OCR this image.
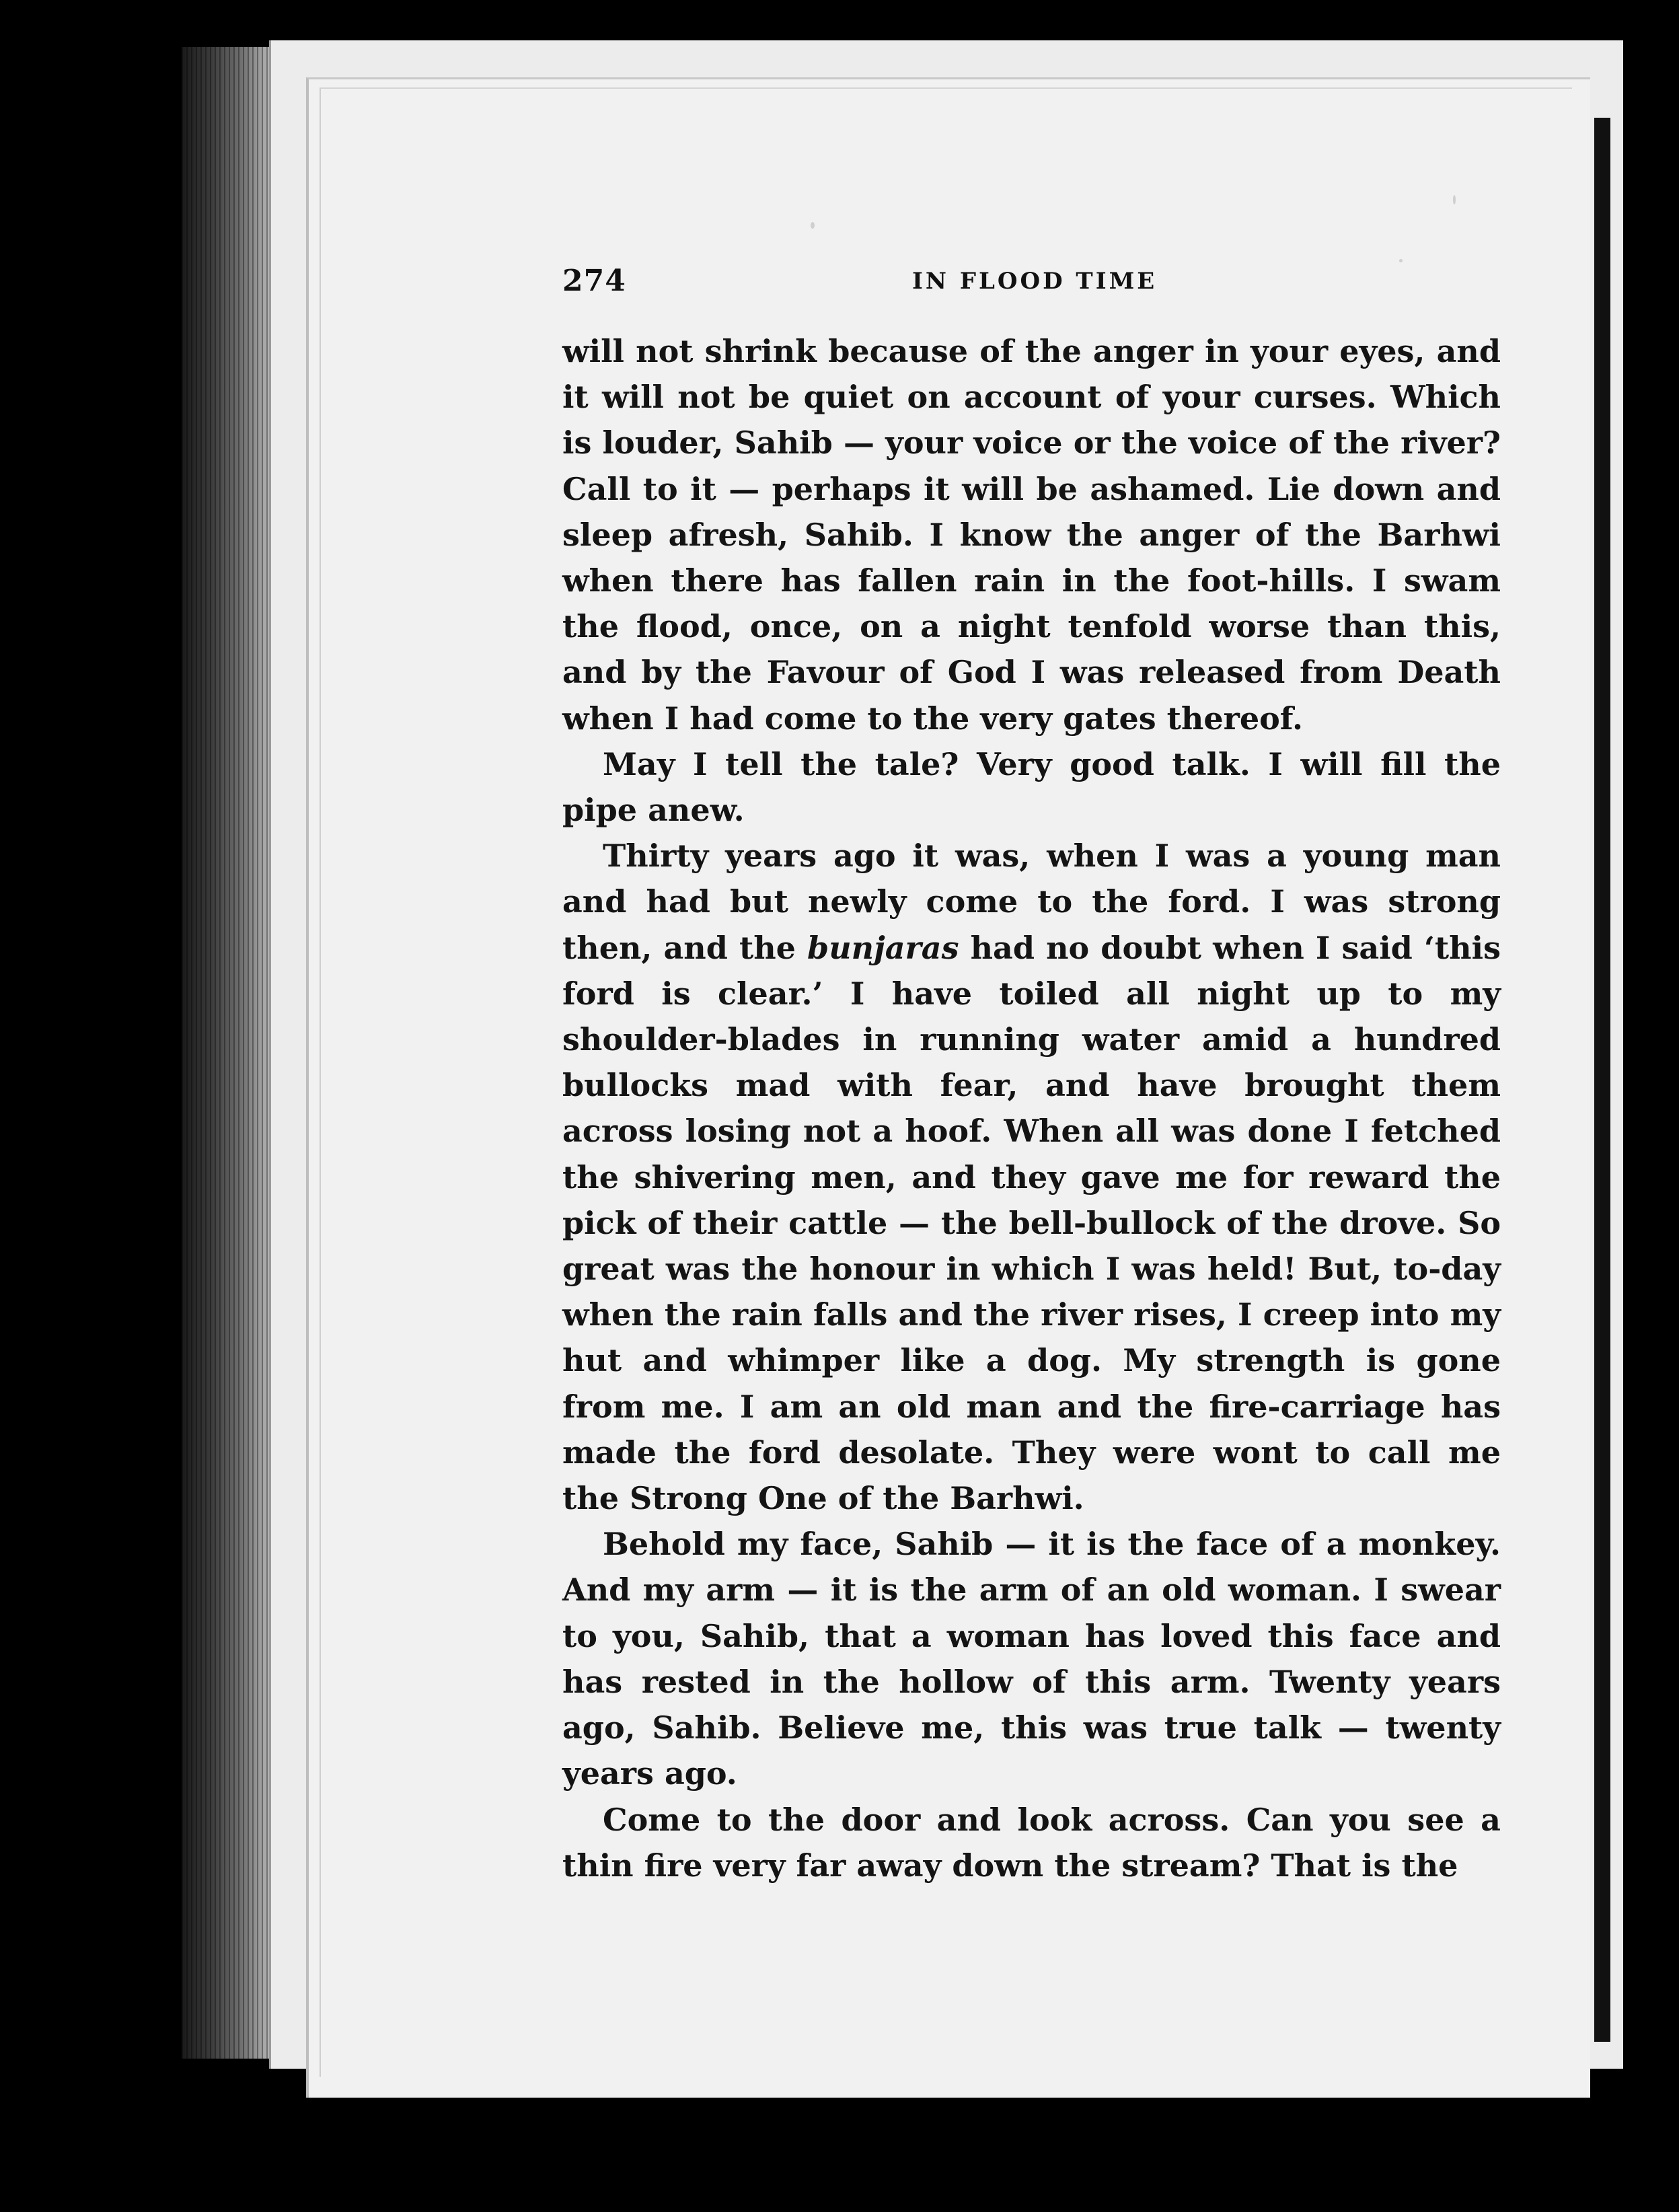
274	IN FLOOD TIME

will not shrink because of the anger in your eyes, and it will not be quiet on account of your curses. Which is louder, Sahib — your voice or the voice of the river? Call to it — perhaps it will be ashamed. Lie down and sleep afresh, Sahib. I know the anger of the Barhwi when there has fallen rain in the foot-hills. I swam the flood, once, on a night tenfold worse than this, and by the Favour of God I was released from Death when I had come to the very gates thereof.

May I tell the tale? Very good talk. I will fill the pipe anew.

Thirty years ago it was, when I was a young man and had but newly come to the ford. I was strong then, and the bunjaras had no doubt when I said ‘this ford is clear.’ I have toiled all night up to my shoulder-blades in running water amid a hundred bullocks mad with fear, and have brought them across losing not a hoof. When all was done I fetched the shivering men, and they gave me for reward the pick of their cattle — the bell-bullock of the drove. So great was the honour in which I was held! But, to-day when the rain falls and the river rises, I creep into my hut and whimper like a dog. My strength is gone from me. I am an old man and the fire-carriage has made the ford desolate. They were wont to call me the Strong One of the Barhwi.

Behold my face, Sahib — it is the face of a monkey. And my arm — it is the arm of an old woman. I swear to you, Sahib, that a woman has loved this face and has rested in the hollow of this arm. Twenty years ago, Sahib. Believe me, this was true talk — twenty years ago.

Come to the door and look across. Can you see a thin fire very far away down the stream? That is the
